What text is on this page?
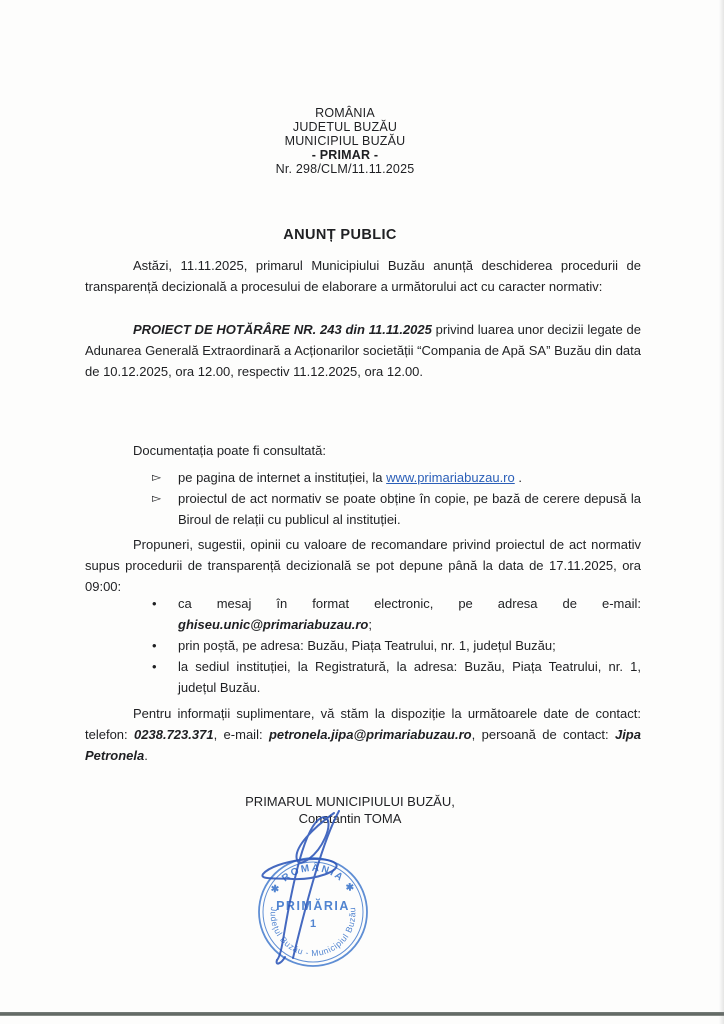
ROMÂNIA
JUDETUL BUZĂU
MUNICIPIUL BUZĂU
- PRIMAR -
Nr. 298/CLM/11.11.2025
ANUNȚ PUBLIC

Astăzi, 11.11.2025, primarul Municipiului Buzău anunță deschiderea procedurii de transparență decizională a procesului de elaborare a următorului act cu caracter normativ:

PROIECT DE HOTĂRÂRE NR. 243 din 11.11.2025 privind luarea unor decizii legate de Adunarea Generală Extraordinară a Acționarilor societății “Compania de Apă SA” Buzău din data de 10.12.2025, ora 12.00, respectiv 11.12.2025, ora 12.00.

Documentația poate fi consultată:

▻	pe pagina de internet a instituției, la www.primariabuzau.ro .
▻	proiectul de act normativ se poate obține în copie, pe bază de cerere depusă la Biroul de relații cu publicul al instituției.

Propuneri, sugestii, opinii cu valoare de recomandare privind proiectul de act normativ supus procedurii de transparență decizională se pot depune până la data de 17.11.2025, ora 09:00:

•	ca mesaj în format electronic, pe adresa de e-mail: ghiseu.unic@primariabuzau.ro;
•	prin poștă, pe adresa: Buzău, Piața Teatrului, nr. 1, județul Buzău;
•	la sediul instituției, la Registratură, la adresa: Buzău, Piața Teatrului, nr. 1, județul Buzău.

Pentru informații suplimentare, vă stăm la dispoziție la următoarele date de contact: telefon: 0238.723.371, e-mail: petronela.jipa@primariabuzau.ro, persoană de contact: Jipa Petronela.

PRIMARUL MUNICIPIULUI BUZĂU,
Constantin TOMA
✱ ROMÂNIA ✱
Județul Buzău - Municipiul Buzău
PRIMĂRIA
1
